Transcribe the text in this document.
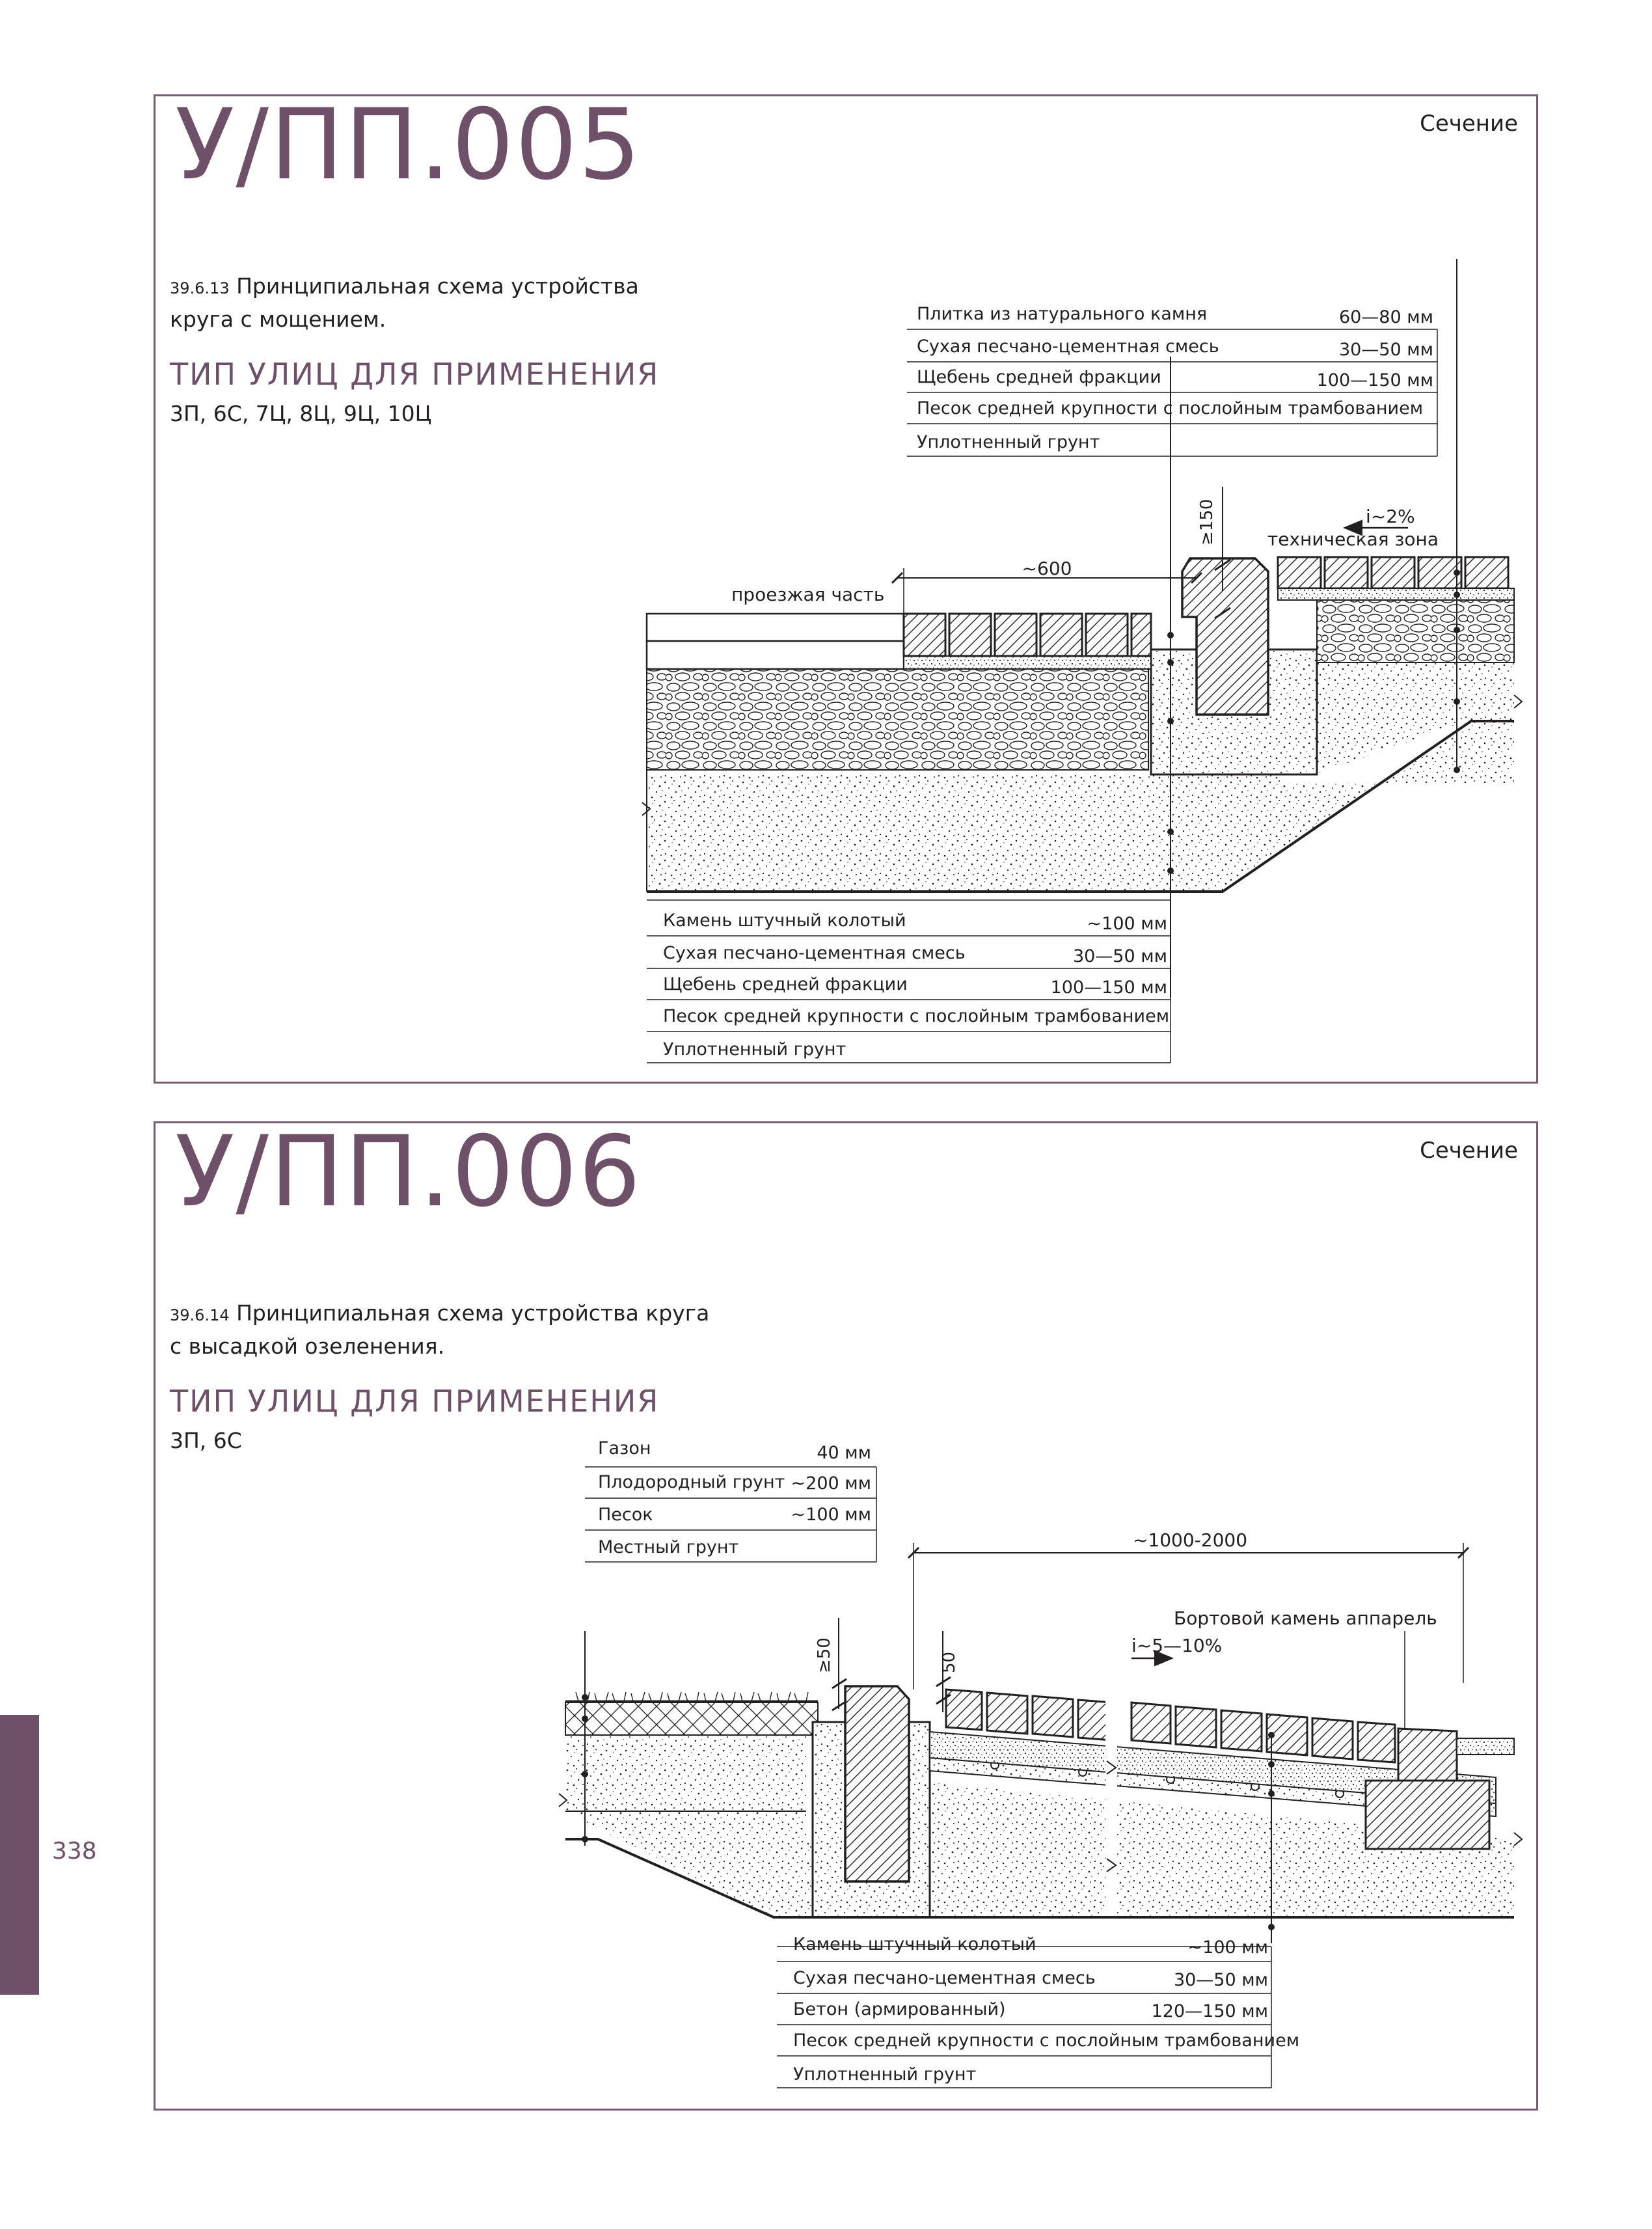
У/ПП.005	Сечение
39.6.13 Принципиальная схема устройства
круга с мощением.
ТИП УЛИЦ ДЛЯ ПРИМЕНЕНИЯ
3П, 6С, 7Ц, 8Ц, 9Ц, 10Ц
~600
≥150
проезжая часть
техническая зона
i~2%
Плитка из натурального камня	60—80 мм
Сухая песчано-цементная смесь	30—50 мм
Щебень средней фракции	100—150 мм
Песок средней крупности с послойным трамбованием
Уплотненный грунт
Камень штучный колотый	~100 мм
Сухая песчано-цементная смесь	30—50 мм
Щебень средней фракции	100—150 мм
Песок средней крупности с послойным трамбованием
Уплотненный грунт
У/ПП.006	Сечение
39.6.14 Принципиальная схема устройства круга
с высадкой озеленения.
ТИП УЛИЦ ДЛЯ ПРИМЕНЕНИЯ
3П, 6С
~1000-2000
≥50	50
Бортовой камень аппарель
i~5—10%
Газон	40 мм
Плодородный грунт ~200 мм
Песок	~100 мм
Местный грунт
Камень штучный колотый	~100 мм
Сухая песчано-цементная смесь	30—50 мм
Бетон (армированный)	120—150 мм
Песок средней крупности с послойным трамбованием
Уплотненный грунт
338
